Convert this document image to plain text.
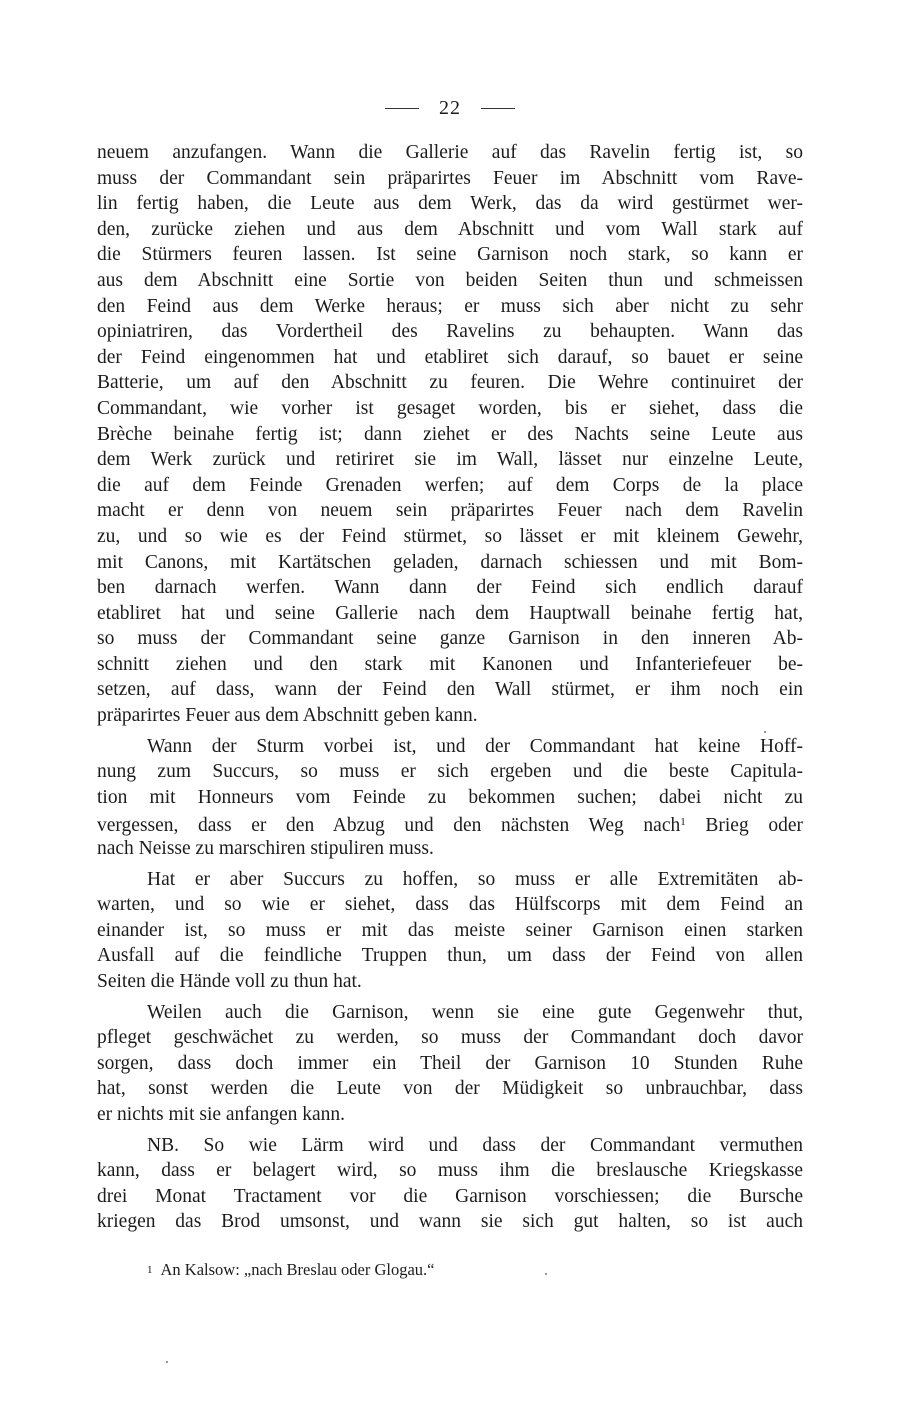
22
neuem anzufangen. Wann die Gallerie auf das Ravelin fertig ist, so
muss der Commandant sein präparirtes Feuer im Abschnitt vom Rave-
lin fertig haben, die Leute aus dem Werk, das da wird gestürmet wer-
den, zurücke ziehen und aus dem Abschnitt und vom Wall stark auf
die Stürmers feuren lassen. Ist seine Garnison noch stark, so kann er
aus dem Abschnitt eine Sortie von beiden Seiten thun und schmeissen
den Feind aus dem Werke heraus; er muss sich aber nicht zu sehr
opiniatriren, das Vordertheil des Ravelins zu behaupten. Wann das
der Feind eingenommen hat und etabliret sich darauf, so bauet er seine
Batterie, um auf den Abschnitt zu feuren. Die Wehre continuiret der
Commandant, wie vorher ist gesaget worden, bis er siehet, dass die
Brèche beinahe fertig ist; dann ziehet er des Nachts seine Leute aus
dem Werk zurück und retiriret sie im Wall, lässet nur einzelne Leute,
die auf dem Feinde Grenaden werfen; auf dem Corps de la place
macht er denn von neuem sein präparirtes Feuer nach dem Ravelin
zu, und so wie es der Feind stürmet, so lässet er mit kleinem Gewehr,
mit Canons, mit Kartätschen geladen, darnach schiessen und mit Bom-
ben darnach werfen. Wann dann der Feind sich endlich darauf
etabliret hat und seine Gallerie nach dem Hauptwall beinahe fertig hat,
so muss der Commandant seine ganze Garnison in den inneren Ab-
schnitt ziehen und den stark mit Kanonen und Infanteriefeuer be-
setzen, auf dass, wann der Feind den Wall stürmet, er ihm noch ein
präparirtes Feuer aus dem Abschnitt geben kann.
Wann der Sturm vorbei ist, und der Commandant hat keine Hoff-
nung zum Succurs, so muss er sich ergeben und die beste Capitula-
tion mit Honneurs vom Feinde zu bekommen suchen; dabei nicht zu
vergessen, dass er den Abzug und den nächsten Weg nach$^1$ Brieg oder
nach Neisse zu marschiren stipuliren muss.
Hat er aber Succurs zu hoffen, so muss er alle Extremitäten ab-
warten, und so wie er siehet, dass das Hülfscorps mit dem Feind an
einander ist, so muss er mit das meiste seiner Garnison einen starken
Ausfall auf die feindliche Truppen thun, um dass der Feind von allen
Seiten die Hände voll zu thun hat.
Weilen auch die Garnison, wenn sie eine gute Gegenwehr thut,
pfleget geschwächet zu werden, so muss der Commandant doch davor
sorgen, dass doch immer ein Theil der Garnison 10 Stunden Ruhe
hat, sonst werden die Leute von der Müdigkeit so unbrauchbar, dass
er nichts mit sie anfangen kann.
NB. So wie Lärm wird und dass der Commandant vermuthen
kann, dass er belagert wird, so muss ihm die breslausche Kriegskasse
drei Monat Tractament vor die Garnison vorschiessen; die Bursche
kriegen das Brod umsonst, und wann sie sich gut halten, so ist auch
1 An Kalsow: „nach Breslau oder Glogau.“
